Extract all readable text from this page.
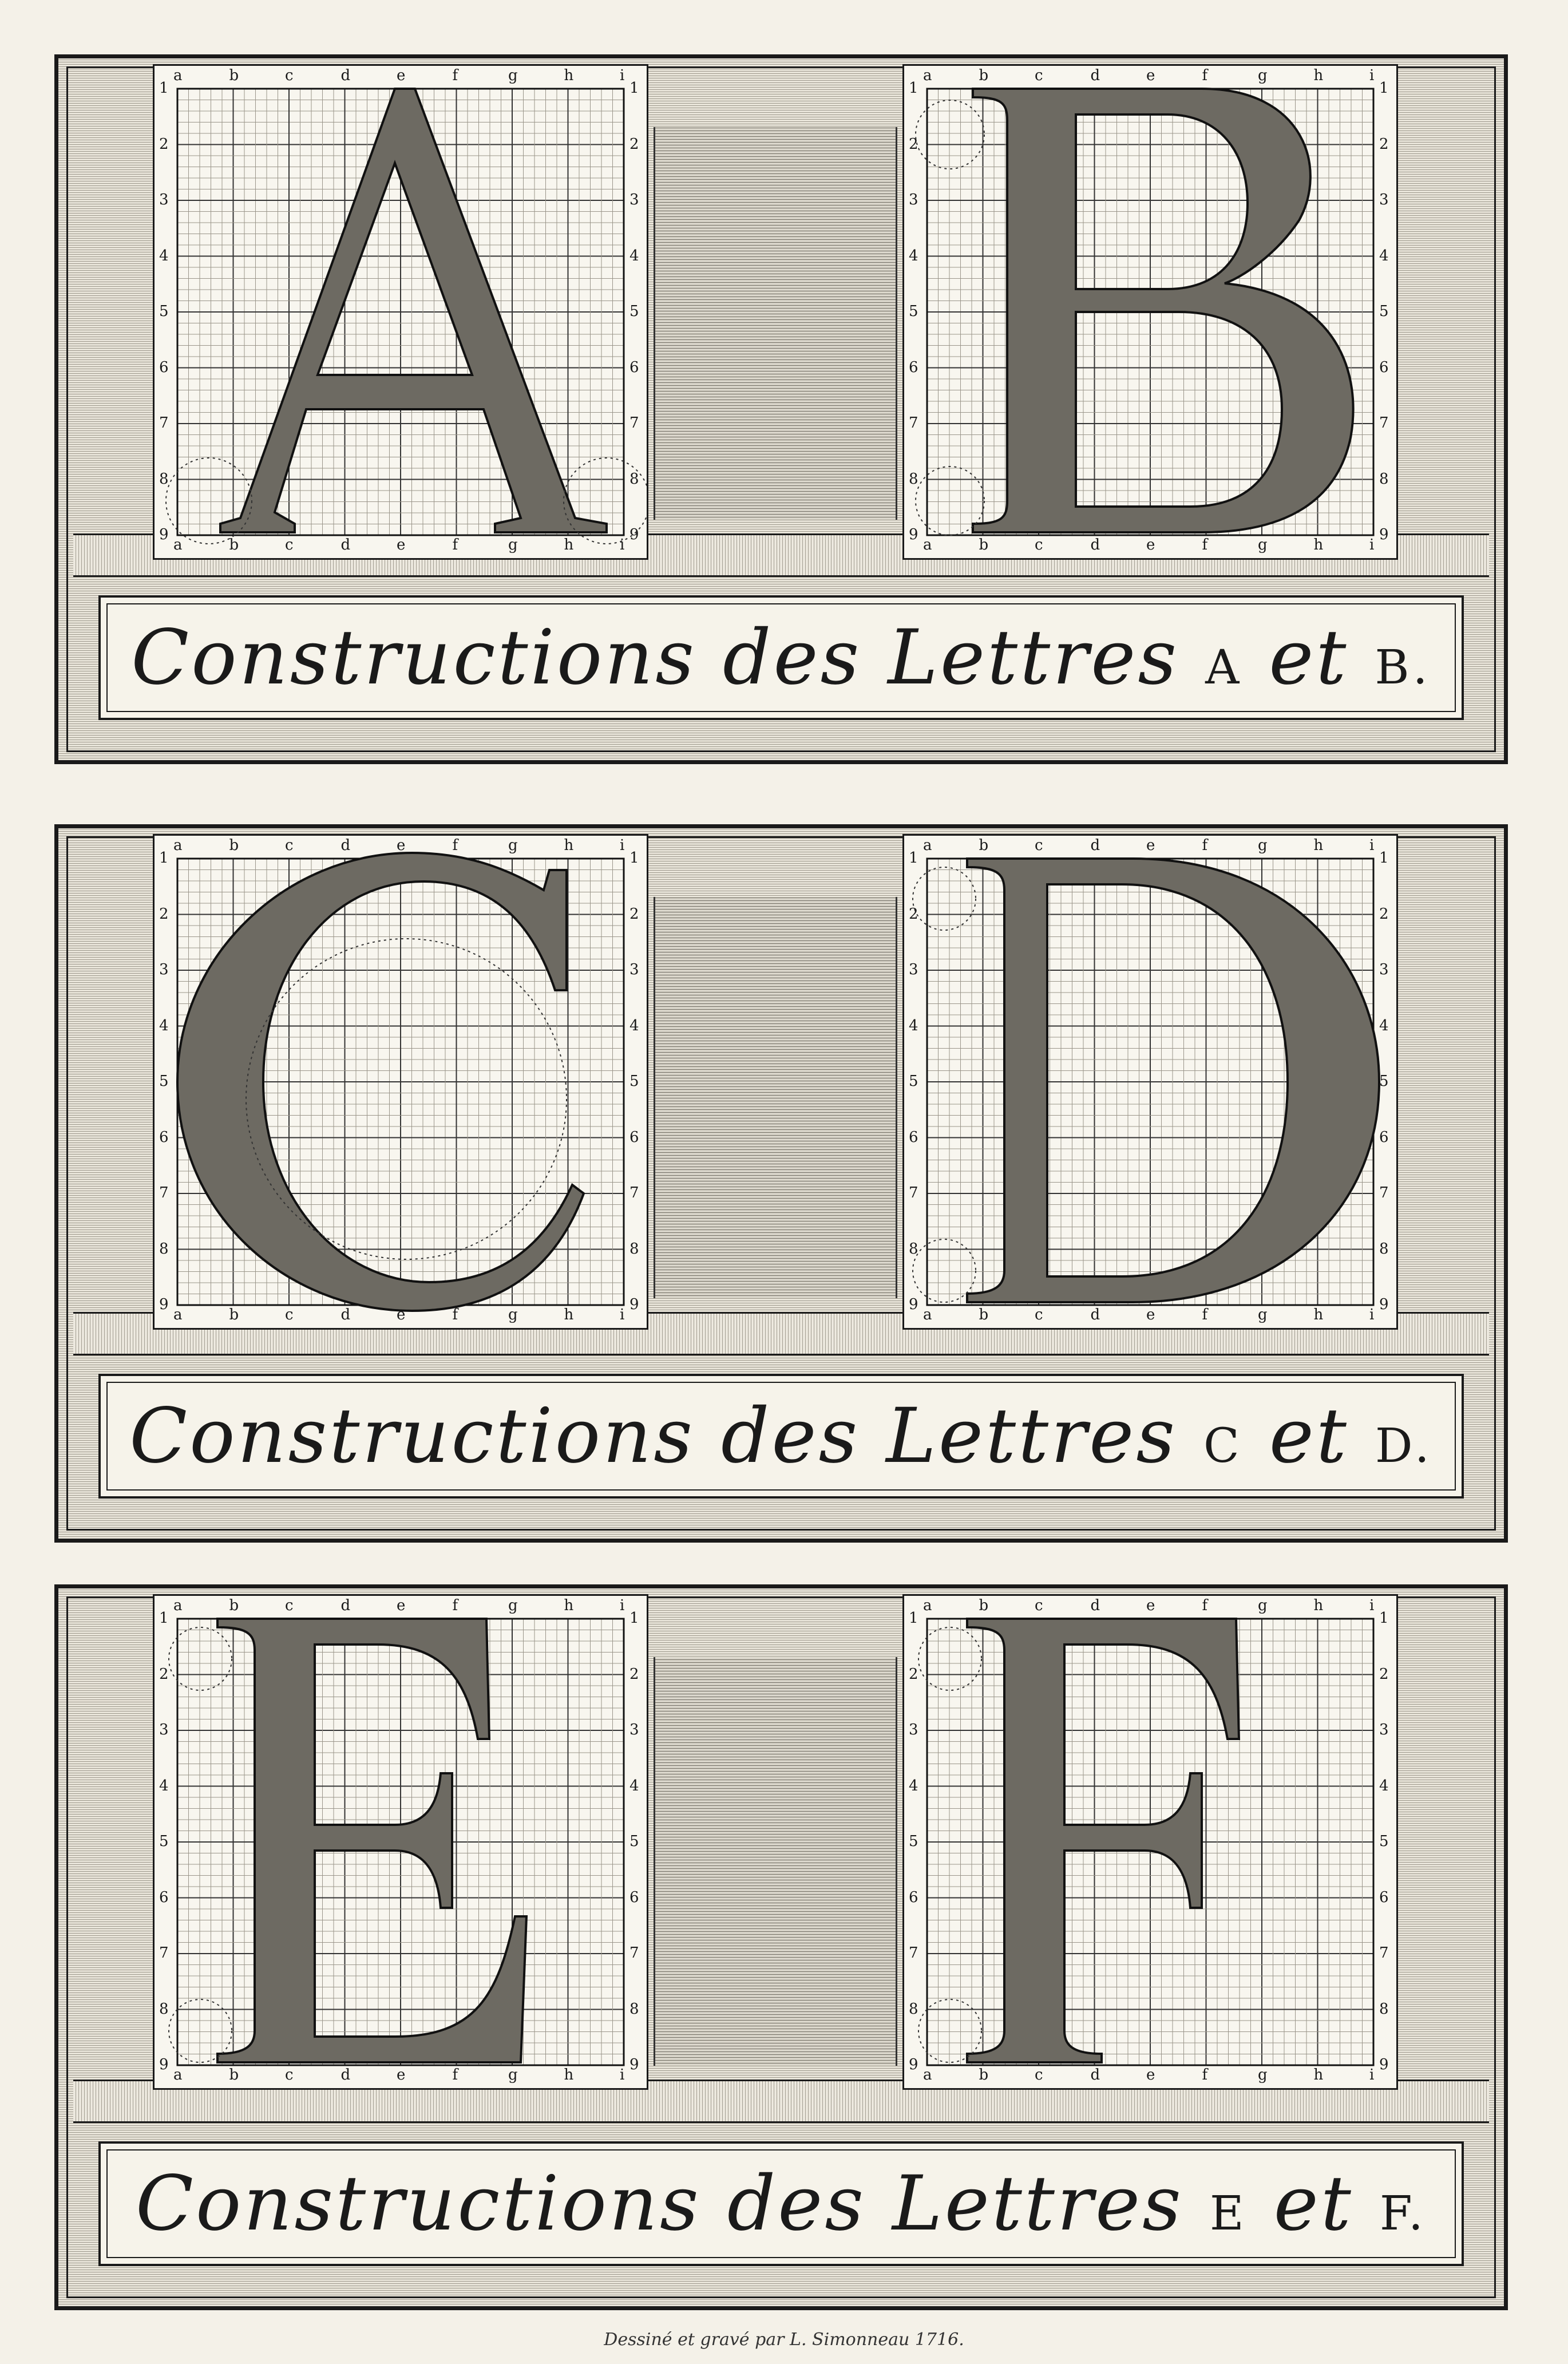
a
a
b
b
c
c
d
d
e
e
f
f
g
g
h
h
i
i
1	1
2	2
3	3
4	4
5	5
6	6
7	7
8	8
9	9
a
a
b
b
c
c
d
d
e
e
f
f
g
g
h
h
i
i
1	1
2	2
3	3
4	4
5	5
6	6
7	7
8	8
9	9
Constructions des Lettres A et B.
a
a
b
b
c
c
d
d
e
e
f
f
g
g
h
h
i
i
1	1
2	2
3	3
4	4
5	5
6	6
7	7
8	8
9	9
a
a
b
b
c
c
d
d
e
e
f
f
g
g
h
h
i
i
1	1
2	2
3	3
4	4
5	5
6	6
7	7
8	8
9	9
Constructions des Lettres C et D.
a
a
b
b
c
c
d
d
e
e
f
f
g
g
h
h
i
i
1	1
2	2
3	3
4	4
5	5
6	6
7	7
8	8
9	9
a
a
b
b
c
c
d
d
e
e
f
f
g
g
h
h
i
i
1	1
2	2
3	3
4	4
5	5
6	6
7	7
8	8
9	9
Constructions des Lettres E et F.
Dessiné et gravé par L. Simonneau 1716.
